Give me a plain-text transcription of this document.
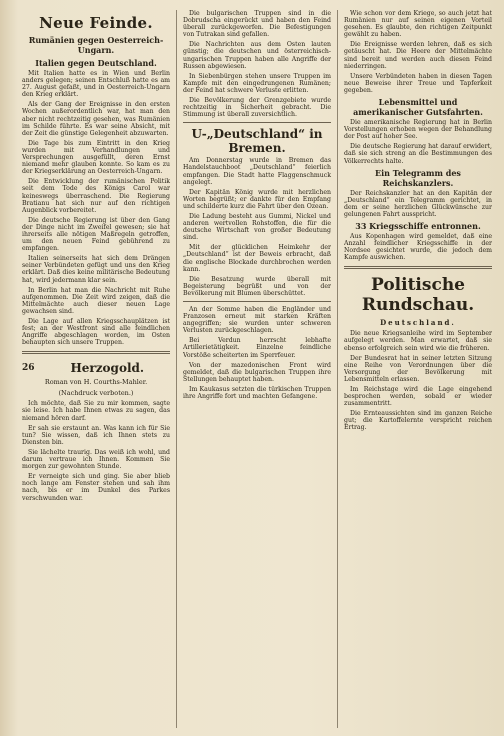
Neue Feinde.
Rumänien gegen Oesterreich-Ungarn.
Italien gegen Deutschland.

Mit Italien hatte es in Wien und Berlin anders gelegen; seinen Entschluß hatte es am 27. August gefaßt, und in Oesterreich-Ungarn den Krieg erklärt.

Als der Gang der Ereignisse in den ersten Wochen außerordentlich war, hat man den aber nicht rechtzeitig gesehen, was Rumänien im Schilde führte. Es war seine Absicht, mit der Zeit die günstige Gelegenheit abzuwarten.

Die Tage bis zum Eintritt in den Krieg wurden mit Verhandlungen und Versprechungen ausgefüllt, deren Ernst niemand mehr glauben konnte. So kam es zu der Kriegserklärung an Oesterreich-Ungarn.

Die Entwicklung der rumänischen Politik seit dem Tode des Königs Carol war keineswegs überraschend. Die Regierung Bratianu hat sich nur auf den richtigen Augenblick vorbereitet.

Die deutsche Regierung ist über den Gang der Dinge nicht im Zweifel gewesen; sie hat ihrerseits alle nötigen Maßregeln getroffen, um den neuen Feind gebührend zu empfangen.

Italien seinerseits hat sich dem Drängen seiner Verbündeten gefügt und uns den Krieg erklärt. Daß dies keine militärische Bedeutung hat, wird jedermann klar sein.

In Berlin hat man die Nachricht mit Ruhe aufgenommen. Die Zeit wird zeigen, daß die Mittelmächte auch dieser neuen Lage gewachsen sind.

Die Lage auf allen Kriegsschauplätzen ist fest; an der Westfront sind alle feindlichen Angriffe abgeschlagen worden, im Osten behaupten sich unsere Truppen.

26	Herzogold.
Roman von H. Courths-Mahler.
(Nachdruck verboten.)

Ich möchte, daß Sie zu mir kommen, sagte sie leise. Ich habe Ihnen etwas zu sagen, das niemand hören darf.

Er sah sie erstaunt an. Was kann ich für Sie tun? Sie wissen, daß ich Ihnen stets zu Diensten bin.

Sie lächelte traurig. Das weiß ich wohl, und darum vertraue ich Ihnen. Kommen Sie morgen zur gewohnten Stunde.

Er verneigte sich und ging. Sie aber blieb noch lange am Fenster stehen und sah ihm nach, bis er im Dunkel des Parkes verschwunden war.

Die bulgarischen Truppen sind in die Dobrudscha eingerückt und haben den Feind überall zurückgeworfen. Die Befestigungen von Tutrakan sind gefallen.

Die Nachrichten aus dem Osten lauten günstig; die deutschen und österreichisch-ungarischen Truppen haben alle Angriffe der Russen abgewiesen.

In Siebenbürgen stehen unsere Truppen im Kampfe mit den eingedrungenen Rumänen; der Feind hat schwere Verluste erlitten.

Die Bevölkerung der Grenzgebiete wurde rechtzeitig in Sicherheit gebracht. Die Stimmung ist überall zuversichtlich.

U-„Deutschland“ in Bremen.

Am Donnerstag wurde in Bremen das Handelstauchboot „Deutschland“ feierlich empfangen. Die Stadt hatte Flaggenschmuck angelegt.

Der Kapitän König wurde mit herzlichen Worten begrüßt; er dankte für den Empfang und schilderte kurz die Fahrt über den Ozean.

Die Ladung besteht aus Gummi, Nickel und anderen wertvollen Rohstoffen, die für die deutsche Wirtschaft von großer Bedeutung sind.

Mit der glücklichen Heimkehr der „Deutschland“ ist der Beweis erbracht, daß die englische Blockade durchbrochen werden kann.

Die Besatzung wurde überall mit Begeisterung begrüßt und von der Bevölkerung mit Blumen überschüttet.

An der Somme haben die Engländer und Franzosen erneut mit starken Kräften angegriffen; sie wurden unter schweren Verlusten zurückgeschlagen.

Bei Verdun herrscht lebhafte Artillerietätigkeit. Einzelne feindliche Vorstöße scheiterten im Sperrfeuer.

Von der mazedonischen Front wird gemeldet, daß die bulgarischen Truppen ihre Stellungen behauptet haben.

Im Kaukasus setzten die türkischen Truppen ihre Angriffe fort und machten Gefangene.

Wie schon vor dem Kriege, so auch jetzt hat Rumänien nur auf seinen eigenen Vorteil gesehen. Es glaubte, den richtigen Zeitpunkt gewählt zu haben.

Die Ereignisse werden lehren, daß es sich getäuscht hat. Die Heere der Mittelmächte sind bereit und werden auch diesen Feind niederringen.

Unsere Verbündeten haben in diesen Tagen neue Beweise ihrer Treue und Tapferkeit gegeben.

Lebensmittel und amerikanischer Gutsfahrten.

Die amerikanische Regierung hat in Berlin Vorstellungen erhoben wegen der Behandlung der Post auf hoher See.

Die deutsche Regierung hat darauf erwidert, daß sie sich streng an die Bestimmungen des Völkerrechts halte.

Ein Telegramm des Reichskanzlers.

Der Reichskanzler hat an den Kapitän der „Deutschland“ ein Telegramm gerichtet, in dem er seine herzlichen Glückwünsche zur gelungenen Fahrt ausspricht.

33 Kriegsschiffe entronnen.

Aus Kopenhagen wird gemeldet, daß eine Anzahl feindlicher Kriegsschiffe in der Nordsee gesichtet wurde, die jedoch dem Kampfe auswichen.

Politische Rundschau.
Deutschland.

Die neue Kriegsanleihe wird im September aufgelegt werden. Man erwartet, daß sie ebenso erfolgreich sein wird wie die früheren.

Der Bundesrat hat in seiner letzten Sitzung eine Reihe von Verordnungen über die Versorgung der Bevölkerung mit Lebensmitteln erlassen.

Im Reichstage wird die Lage eingehend besprochen werden, sobald er wieder zusammentritt.

Die Ernteaussichten sind im ganzen Reiche gut; die Kartoffelernte verspricht reichen Ertrag.
